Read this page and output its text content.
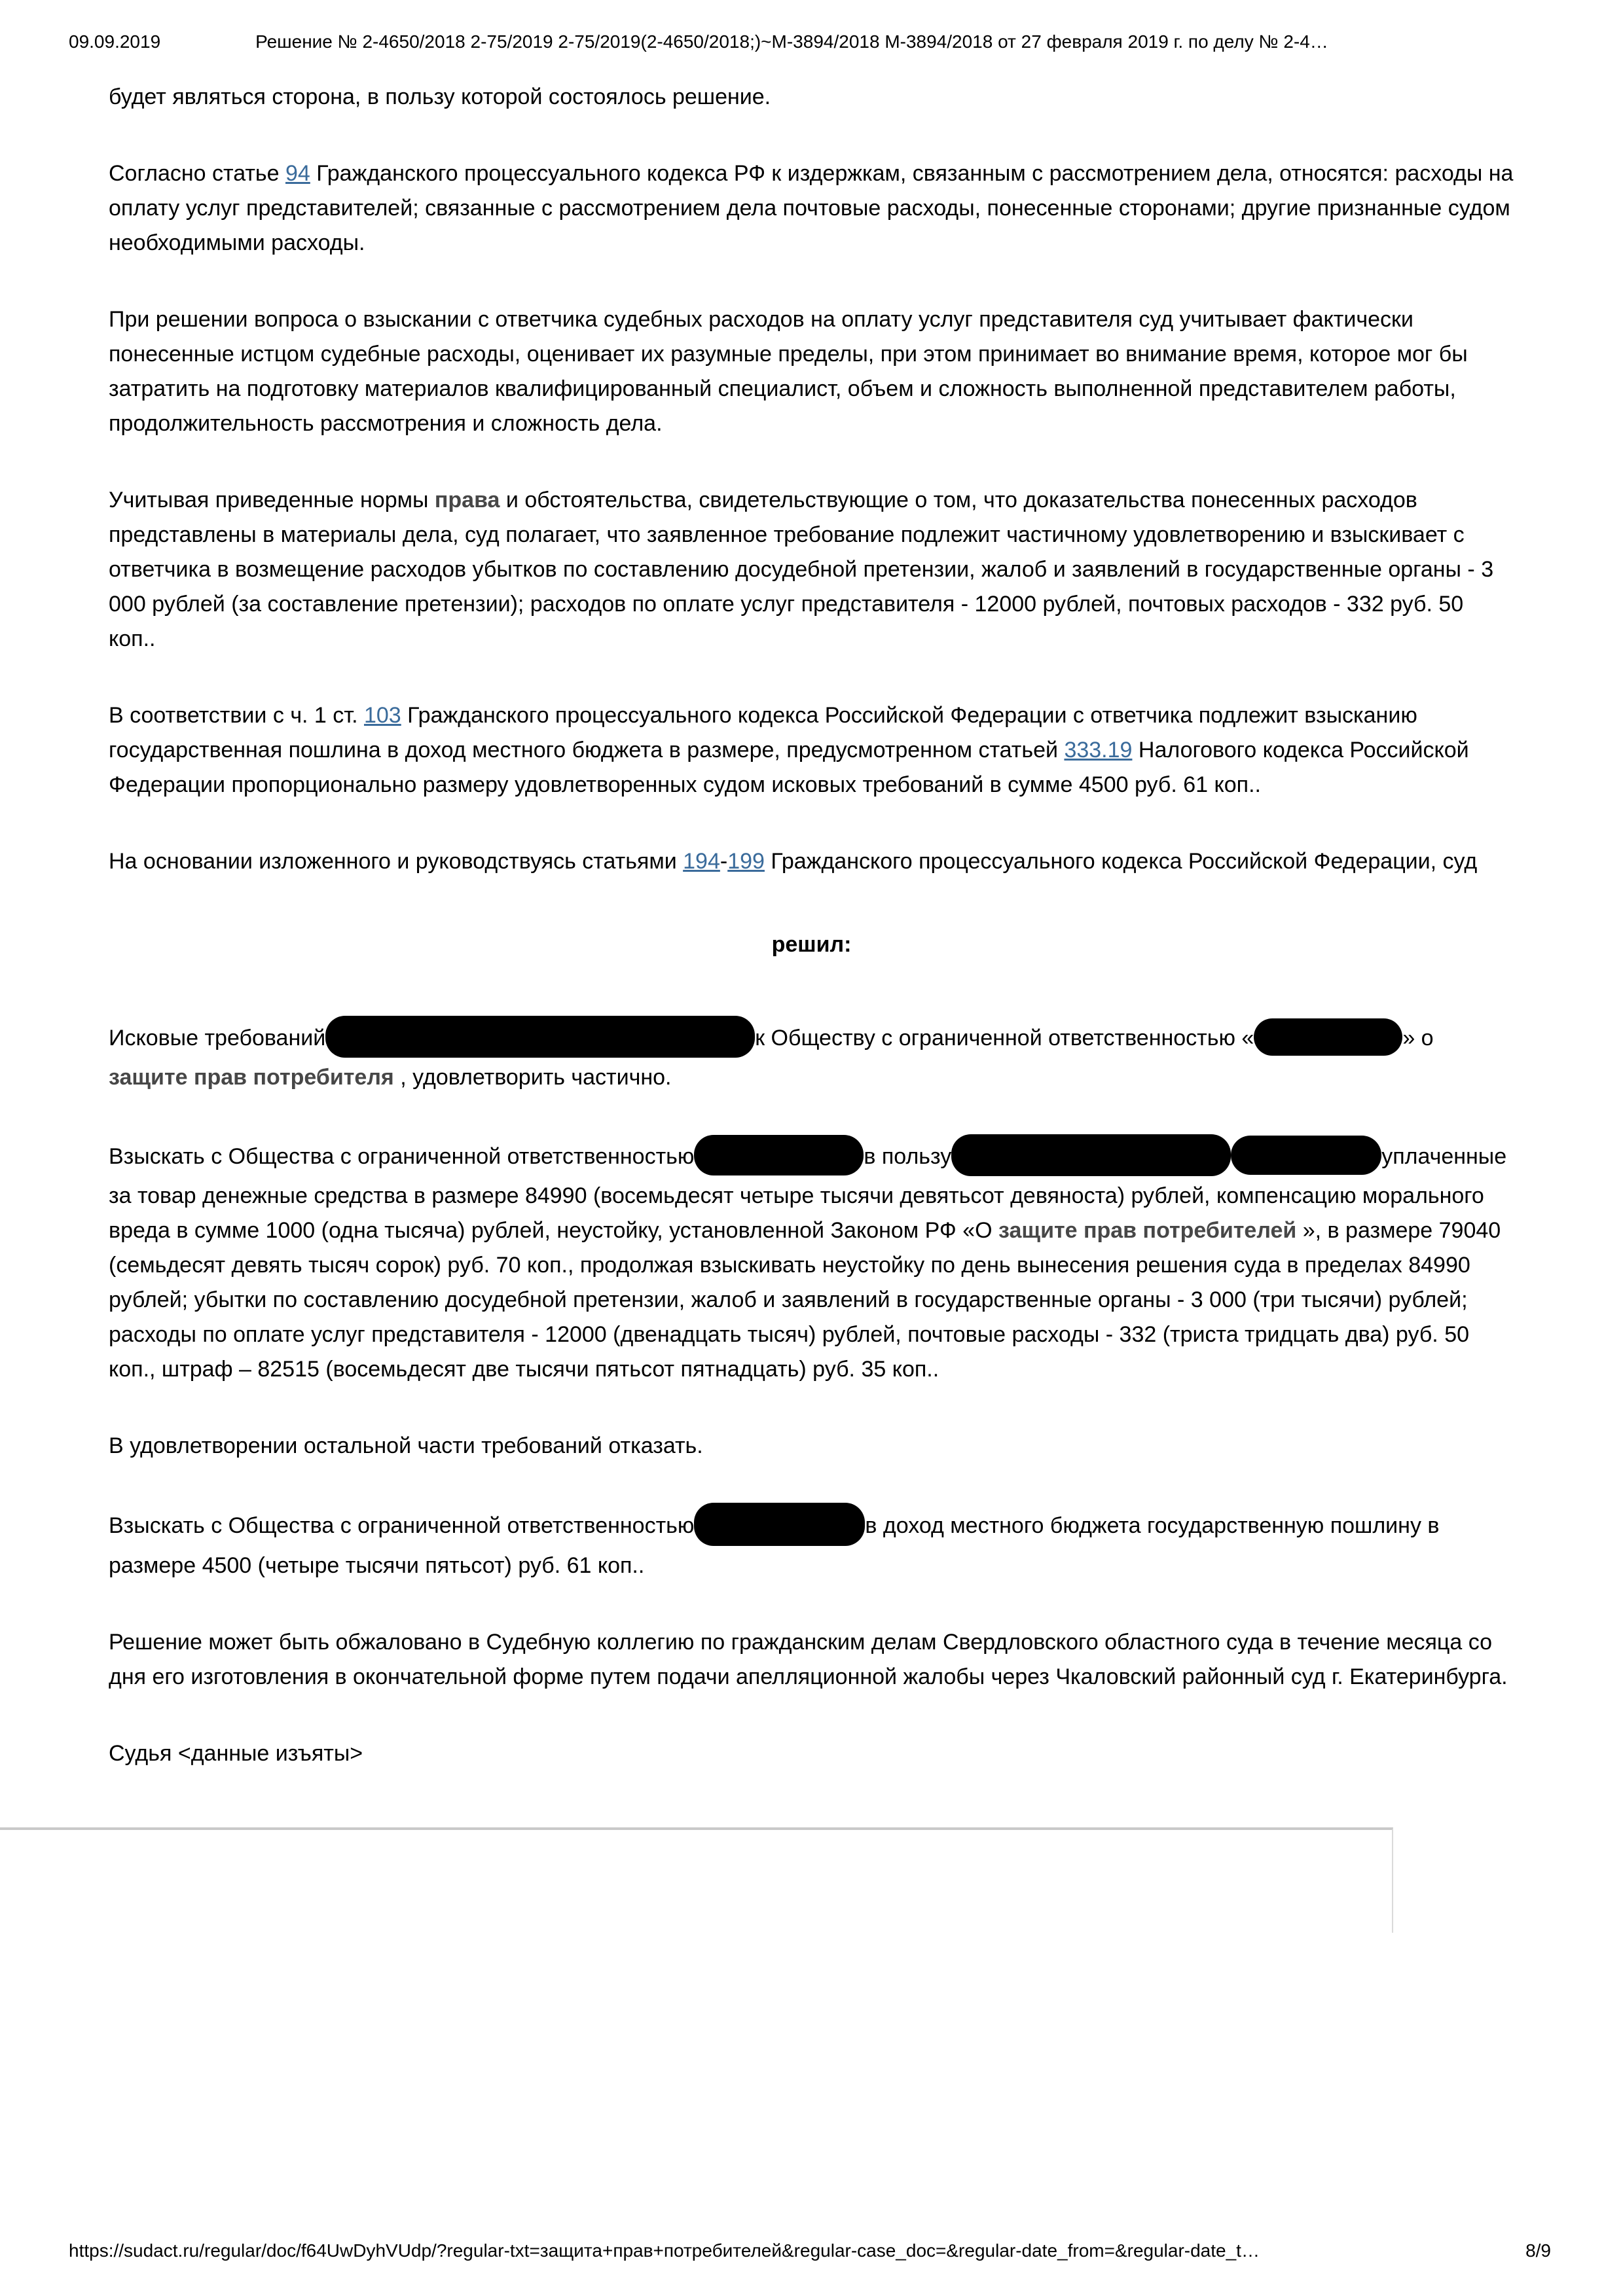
09.09.2019	Решение № 2-4650/2018 2-75/2019 2-75/2019(2-4650/2018;)~М-3894/2018 М-3894/2018 от 27 февраля 2019 г. по делу № 2-4…

будет являться сторона, в пользу которой состоялось решение.

Согласно статье 94 Гражданского процессуального кодекса РФ к издержкам, связанным с рассмотрением дела, относятся: расходы на оплату услуг представителей; связанные с рассмотрением дела почтовые расходы, понесенные сторонами; другие признанные судом необходимыми расходы.

При решении вопроса о взыскании с ответчика судебных расходов на оплату услуг представителя суд учитывает фактически понесенные истцом судебные расходы, оценивает их разумные пределы, при этом принимает во внимание время, которое мог бы затратить на подготовку материалов квалифицированный специалист, объем и сложность выполненной представителем работы, продолжительность рассмотрения и сложность дела.

Учитывая приведенные нормы права и обстоятельства, свидетельствующие о том, что доказательства понесенных расходов представлены в материалы дела, суд полагает, что заявленное требование подлежит частичному удовлетворению и взыскивает с ответчика в возмещение расходов убытков по составлению досудебной претензии, жалоб и заявлений в государственные органы - 3 000 рублей (за составление претензии); расходов по оплате услуг представителя - 12000 рублей, почтовых расходов - 332 руб. 50 коп..

В соответствии с ч. 1 ст. 103 Гражданского процессуального кодекса Российской Федерации с ответчика подлежит взысканию государственная пошлина в доход местного бюджета в размере, предусмотренном статьей 333.19 Налогового кодекса Российской Федерации пропорционально размеру удовлетворенных судом исковых требований в сумме 4500 руб. 61 коп..

На основании изложенного и руководствуясь статьями 194-199 Гражданского процессуального кодекса Российской Федерации, суд

решил:

Исковые требований	к Обществу с ограниченной ответственностью «	» о защите прав потребителя , удовлетворить частично.

Взыскать с Общества с ограниченной ответственностью	в пользу	уплаченные за товар денежные средства в размере 84990 (восемьдесят четыре тысячи девятьсот девяноста) рублей, компенсацию морального вреда в сумме 1000 (одна тысяча) рублей, неустойку, установленной Законом РФ «О защите прав потребителей », в размере 79040 (семьдесят девять тысяч сорок) руб. 70 коп., продолжая взыскивать неустойку по день вынесения решения суда в пределах 84990 рублей; убытки по составлению досудебной претензии, жалоб и заявлений в государственные органы - 3 000 (три тысячи) рублей; расходы по оплате услуг представителя - 12000 (двенадцать тысяч) рублей, почтовые расходы - 332 (триста тридцать два) руб. 50 коп., штраф – 82515 (восемьдесят две тысячи пятьсот пятнадцать) руб. 35 коп..

В удовлетворении остальной части требований отказать.

Взыскать с Общества с ограниченной ответственностью	в доход местного бюджета государственную пошлину в размере 4500 (четыре тысячи пятьсот) руб. 61 коп..

Решение может быть обжаловано в Судебную коллегию по гражданским делам Свердловского областного суда в течение месяца со дня его изготовления в окончательной форме путем подачи апелляционной жалобы через Чкаловский районный суд г. Екатеринбурга.

Судья <данные изъяты>

https://sudact.ru/regular/doc/f64UwDyhVUdp/?regular-txt=защита+прав+потребителей&regular-case_doc=&regular-date_from=&regular-date_t…	8/9
